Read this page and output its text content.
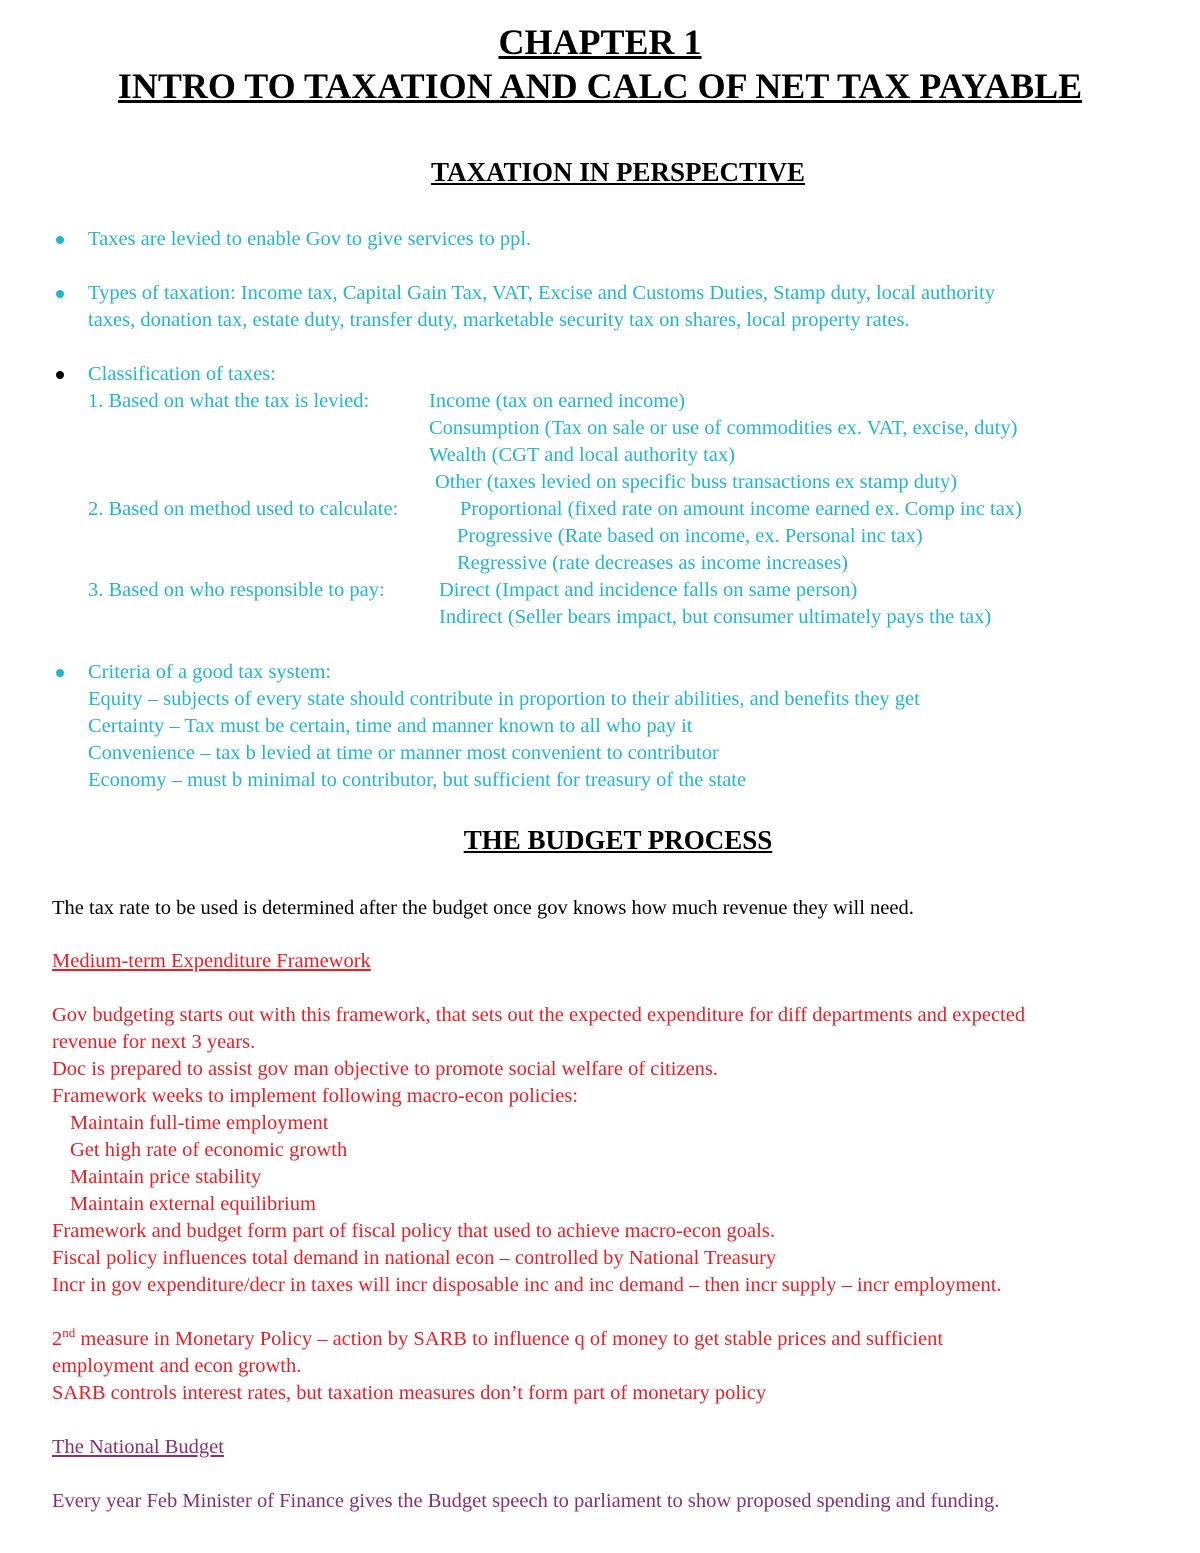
CHAPTER 1
INTRO TO TAXATION AND CALC OF NET TAX PAYABLE
TAXATION IN PERSPECTIVE
Taxes are levied to enable Gov to give services to ppl.
Types of taxation: Income tax, Capital Gain Tax, VAT, Excise and Customs Duties, Stamp duty, local authority
taxes, donation tax, estate duty, transfer duty, marketable security tax on shares, local property rates.
Classification of taxes:
1. Based on what the tax is levied:	Income (tax on earned income)
Consumption (Tax on sale or use of commodities ex. VAT, excise, duty)
Wealth (CGT and local authority tax)
Other (taxes levied on specific buss transactions ex stamp duty)
2. Based on method used to calculate:	Proportional (fixed rate on amount income earned ex. Comp inc tax)
Progressive (Rate based on income, ex. Personal inc tax)
Regressive (rate decreases as income increases)
3. Based on who responsible to pay:	Direct (Impact and incidence falls on same person)
Indirect (Seller bears impact, but consumer ultimately pays the tax)
Criteria of a good tax system:
Equity – subjects of every state should contribute in proportion to their abilities, and benefits they get
Certainty – Tax must be certain, time and manner known to all who pay it
Convenience – tax b levied at time or manner most convenient to contributor
Economy – must b minimal to contributor, but sufficient for treasury of the state
THE BUDGET PROCESS
The tax rate to be used is determined after the budget once gov knows how much revenue they will need.
Medium-term Expenditure Framework
Gov budgeting starts out with this framework, that sets out the expected expenditure for diff departments and expected
revenue for next 3 years.
Doc is prepared to assist gov man objective to promote social welfare of citizens.
Framework weeks to implement following macro-econ policies:
Maintain full-time employment
Get high rate of economic growth
Maintain price stability
Maintain external equilibrium
Framework and budget form part of fiscal policy that used to achieve macro-econ goals.
Fiscal policy influences total demand in national econ – controlled by National Treasury
Incr in gov expenditure/decr in taxes will incr disposable inc and inc demand – then incr supply – incr employment.
2nd measure in Monetary Policy – action by SARB to influence q of money to get stable prices and sufficient
employment and econ growth.
SARB controls interest rates, but taxation measures don’t form part of monetary policy
The National Budget
Every year Feb Minister of Finance gives the Budget speech to parliament to show proposed spending and funding.
